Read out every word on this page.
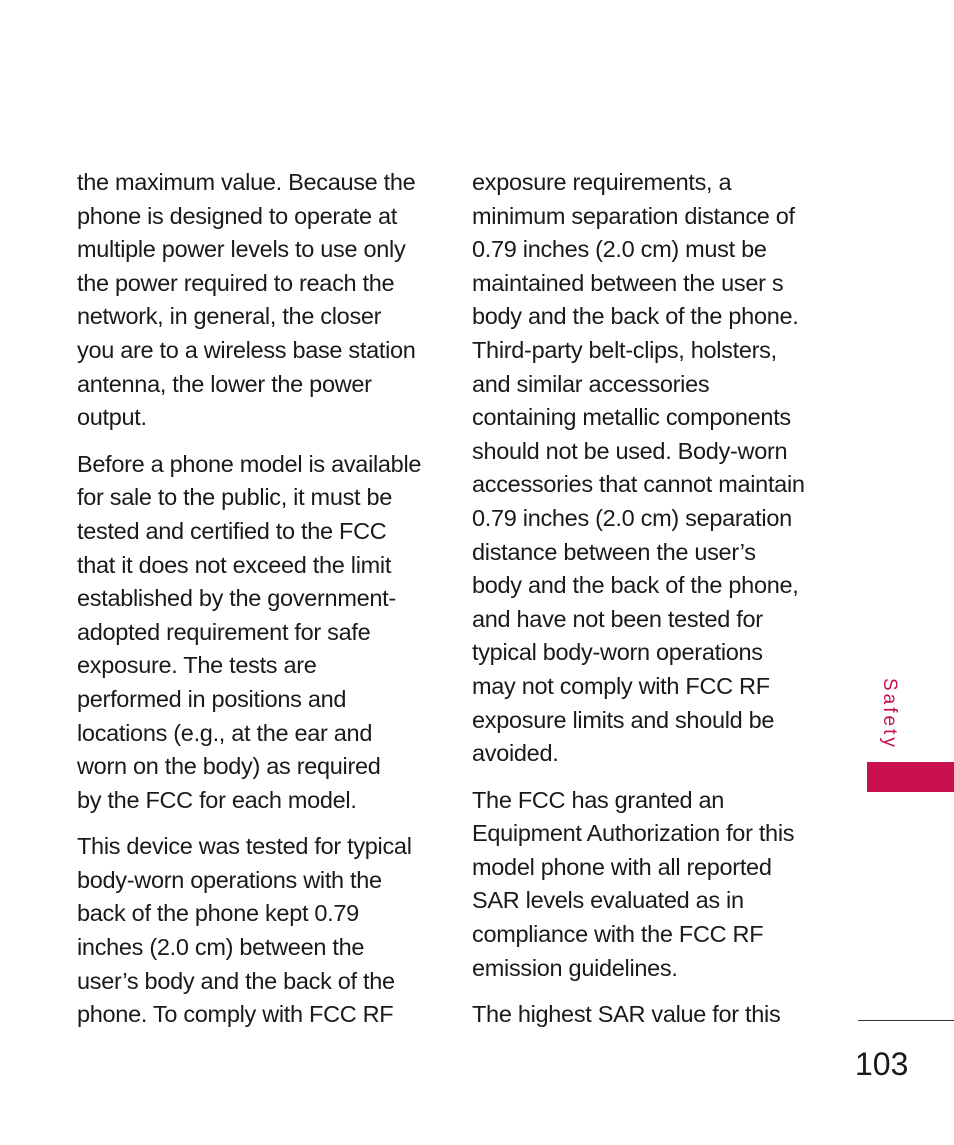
the maximum value. Because the
phone is designed to operate at
multiple power levels to use only
the power required to reach the
network, in general, the closer
you are to a wireless base station
antenna, the lower the power
output.

Before a phone model is available
for sale to the public, it must be
tested and certified to the FCC
that it does not exceed the limit
established by the government-
adopted requirement for safe
exposure. The tests are
performed in positions and
locations (e.g., at the ear and
worn on the body) as required
by the FCC for each model.

This device was tested for typical
body-worn operations with the
back of the phone kept 0.79
inches (2.0 cm) between the
user’s body and the back of the
phone. To comply with FCC RF

exposure requirements, a
minimum separation distance of
0.79 inches (2.0 cm) must be
maintained between the user s
body and the back of the phone.
Third-party belt-clips, holsters,
and similar accessories
containing metallic components
should not be used. Body-worn
accessories that cannot maintain
0.79 inches (2.0 cm) separation
distance between the user’s
body and the back of the phone,
and have not been tested for
typical body-worn operations
may not comply with FCC RF
exposure limits and should be
avoided.

The FCC has granted an
Equipment Authorization for this
model phone with all reported
SAR levels evaluated as in
compliance with the FCC RF
emission guidelines.

The highest SAR value for this

Safety
103
